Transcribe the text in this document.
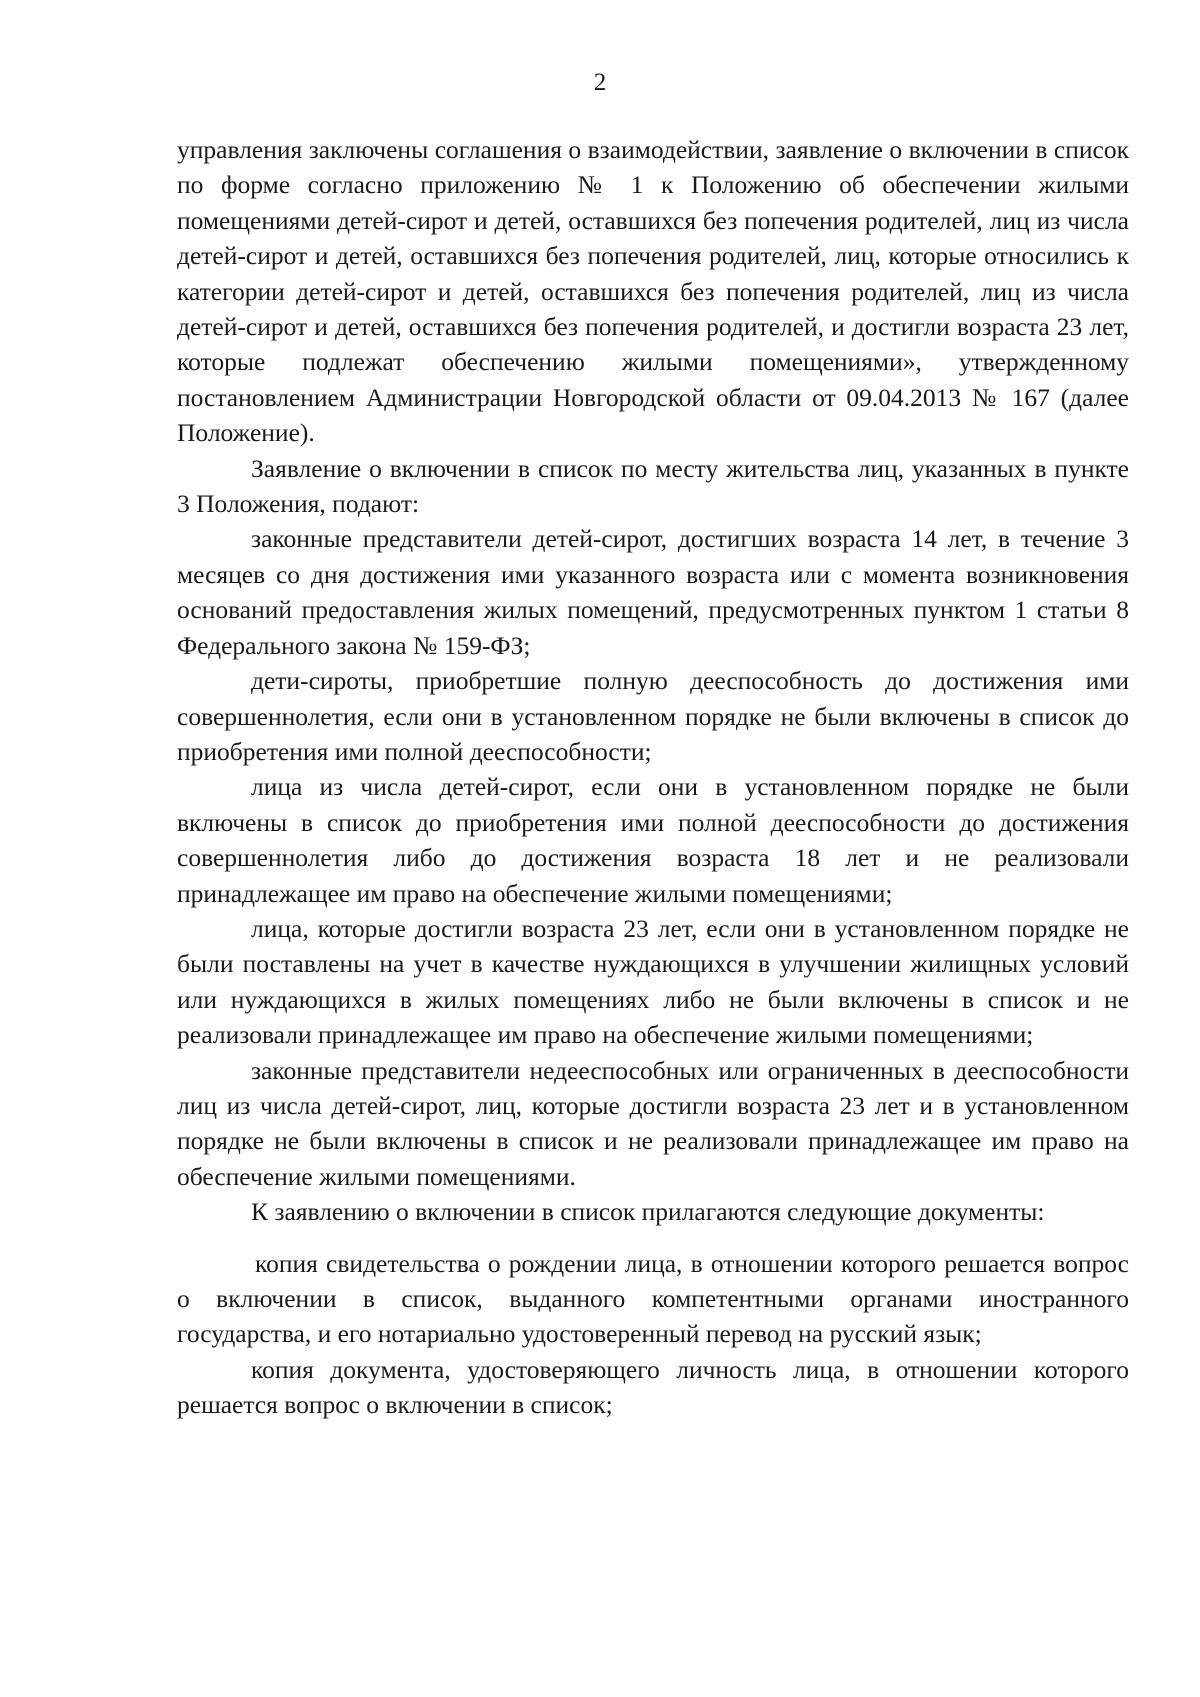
2

управления заключены соглашения о взаимодействии, заявление о включении в список по форме согласно приложению № 1 к Положению об обеспечении жилыми помещениями детей-сирот и детей, оставшихся без попечения родителей, лиц из числа детей-сирот и детей, оставшихся без попечения родителей, лиц, которые относились к категории детей-сирот и детей, оставшихся без попечения родителей, лиц из числа детей-сирот и детей, оставшихся без попечения родителей, и достигли возраста 23 лет, которые подлежат обеспечению жилыми помещениями», утвержденному постановлением Администрации Новгородской области от 09.04.2013 № 167 (далее Положение).

Заявление о включении в список по месту жительства лиц, указанных в пункте 3 Положения, подают:

законные представители детей-сирот, достигших возраста 14 лет, в течение 3 месяцев со дня достижения ими указанного возраста или с момента возникновения оснований предоставления жилых помещений, предусмотренных пунктом 1 статьи 8 Федерального закона № 159-ФЗ;

дети-сироты, приобретшие полную дееспособность до достижения ими совершеннолетия, если они в установленном порядке не были включены в список до приобретения ими полной дееспособности;

лица из числа детей-сирот, если они в установленном порядке не были включены в список до приобретения ими полной дееспособности до достижения совершеннолетия либо до достижения возраста 18 лет и не реализовали принадлежащее им право на обеспечение жилыми помещениями;

лица, которые достигли возраста 23 лет, если они в установленном порядке не были поставлены на учет в качестве нуждающихся в улучшении жилищных условий или нуждающихся в жилых помещениях либо не были включены в список и не реализовали принадлежащее им право на обеспечение жилыми помещениями;

законные представители недееспособных или ограниченных в дееспособности лиц из числа детей-сирот, лиц, которые достигли возраста 23 лет и в установленном порядке не были включены в список и не реализовали принадлежащее им право на обеспечение жилыми помещениями.

К заявлению о включении в список прилагаются следующие документы:

копия свидетельства о рождении лица, в отношении которого решается вопрос о включении в список, выданного компетентными органами иностранного государства, и его нотариально удостоверенный перевод на русский язык;

копия документа, удостоверяющего личность лица, в отношении которого решается вопрос о включении в список;
